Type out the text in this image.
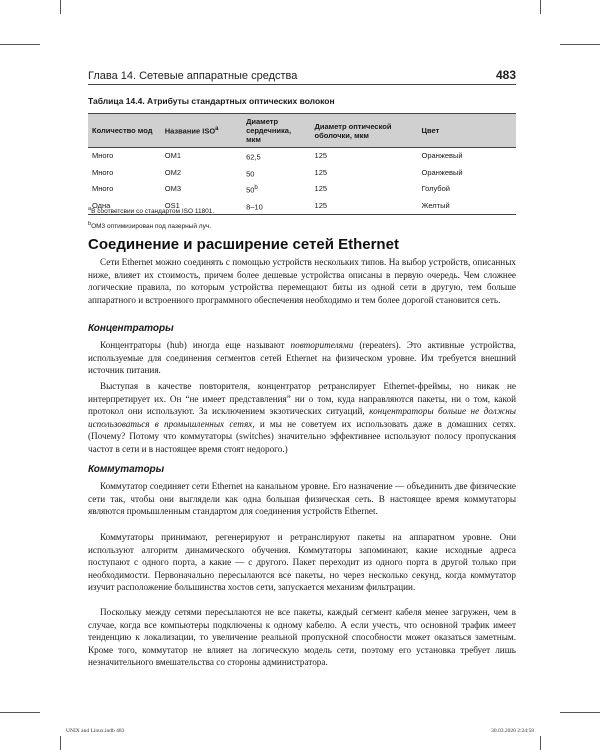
Глава 14. Сетевые аппаратные средства	483
Таблица 14.4. Атрибуты стандартных оптических волокон
Количество мод	Название ISO$^a$	Диаметр сердечника, мкм	Диаметр оптической оболочки, мкм	Цвет
Много	OM1	62,5	125	Оранжевый
Много	OM2	50	125	Оранжевый
Много	OM3	50$^b$	125	Голубой
Одна	OS1	8–10	125	Желтый
$^a$В соответсвии со стандартом ISO 11801.
$^b$OM3 оптимизирован под лазерный луч.
Соединение и расширение сетей Ethernet

Сети Ethernet можно соединять с помощью устройств нескольких типов. На выбор устройств, описанных ниже, влияет их стоимость, причем более дешевые устройства описаны в первую очередь. Чем сложнее логические правила, по которым устройства перемещают биты из одной сети в другую, тем больше аппаратного и встроенного программного обеспечения необходимо и тем более дорогой становится сеть.

Концентраторы

Концентраторы (hub) иногда еще называют повторителями (repeaters). Это активные устройства, используемые для соединения сегментов сетей Ethernet на физическом уровне. Им требуется внешний источник питания.

Выступая в качестве повторителя, концентратор ретранслирует Ethernet-фреймы, но никак не интерпретирует их. Он “не имеет представления” ни о том, куда направляются пакеты, ни о том, какой протокол они используют. За исключением экзотических ситуаций, концентраторы больше не должны использоваться в промышленных сетях, и мы не советуем их использовать даже в домашних сетях. (Почему? Потому что коммутаторы (switches) значительно эффективнее используют полосу пропускания частот в сети и в настоящее время стоят недорого.)

Коммутаторы

Коммутатор соединяет сети Ethernet на канальном уровне. Его назначение — объединить две физические сети так, чтобы они выглядели как одна большая физическая сеть. В настоящее время коммутаторы являются промышленным стандартом для соединения устройств Ethernet.

Коммутаторы принимают, регенерируют и ретранслируют пакеты на аппаратном уровне. Они используют алгоритм динамического обучения. Коммутаторы запоминают, какие исходные адреса поступают с одного порта, а какие — с другого. Пакет переходит из одного порта в другой только при необходимости. Первоначально пересылаются все пакеты, но через несколько секунд, когда коммутатор изучит расположение большинства хостов сети, запускается механизм фильтрации.

Поскольку между сетями пересылаются не все пакеты, каждый сегмент кабеля менее загружен, чем в случае, когда все компьютеры подключены к одному кабелю. А если учесть, что основной трафик имеет тенденцию к локализации, то увеличение реальной пропускной способности может оказаться заметным. Кроме того, коммутатор не влияет на логическую модель сети, поэтому его установка требует лишь незначительного вмешательства со стороны администратора.

UNIX and Linux.indb 483	30.03.2020 2:24:58
